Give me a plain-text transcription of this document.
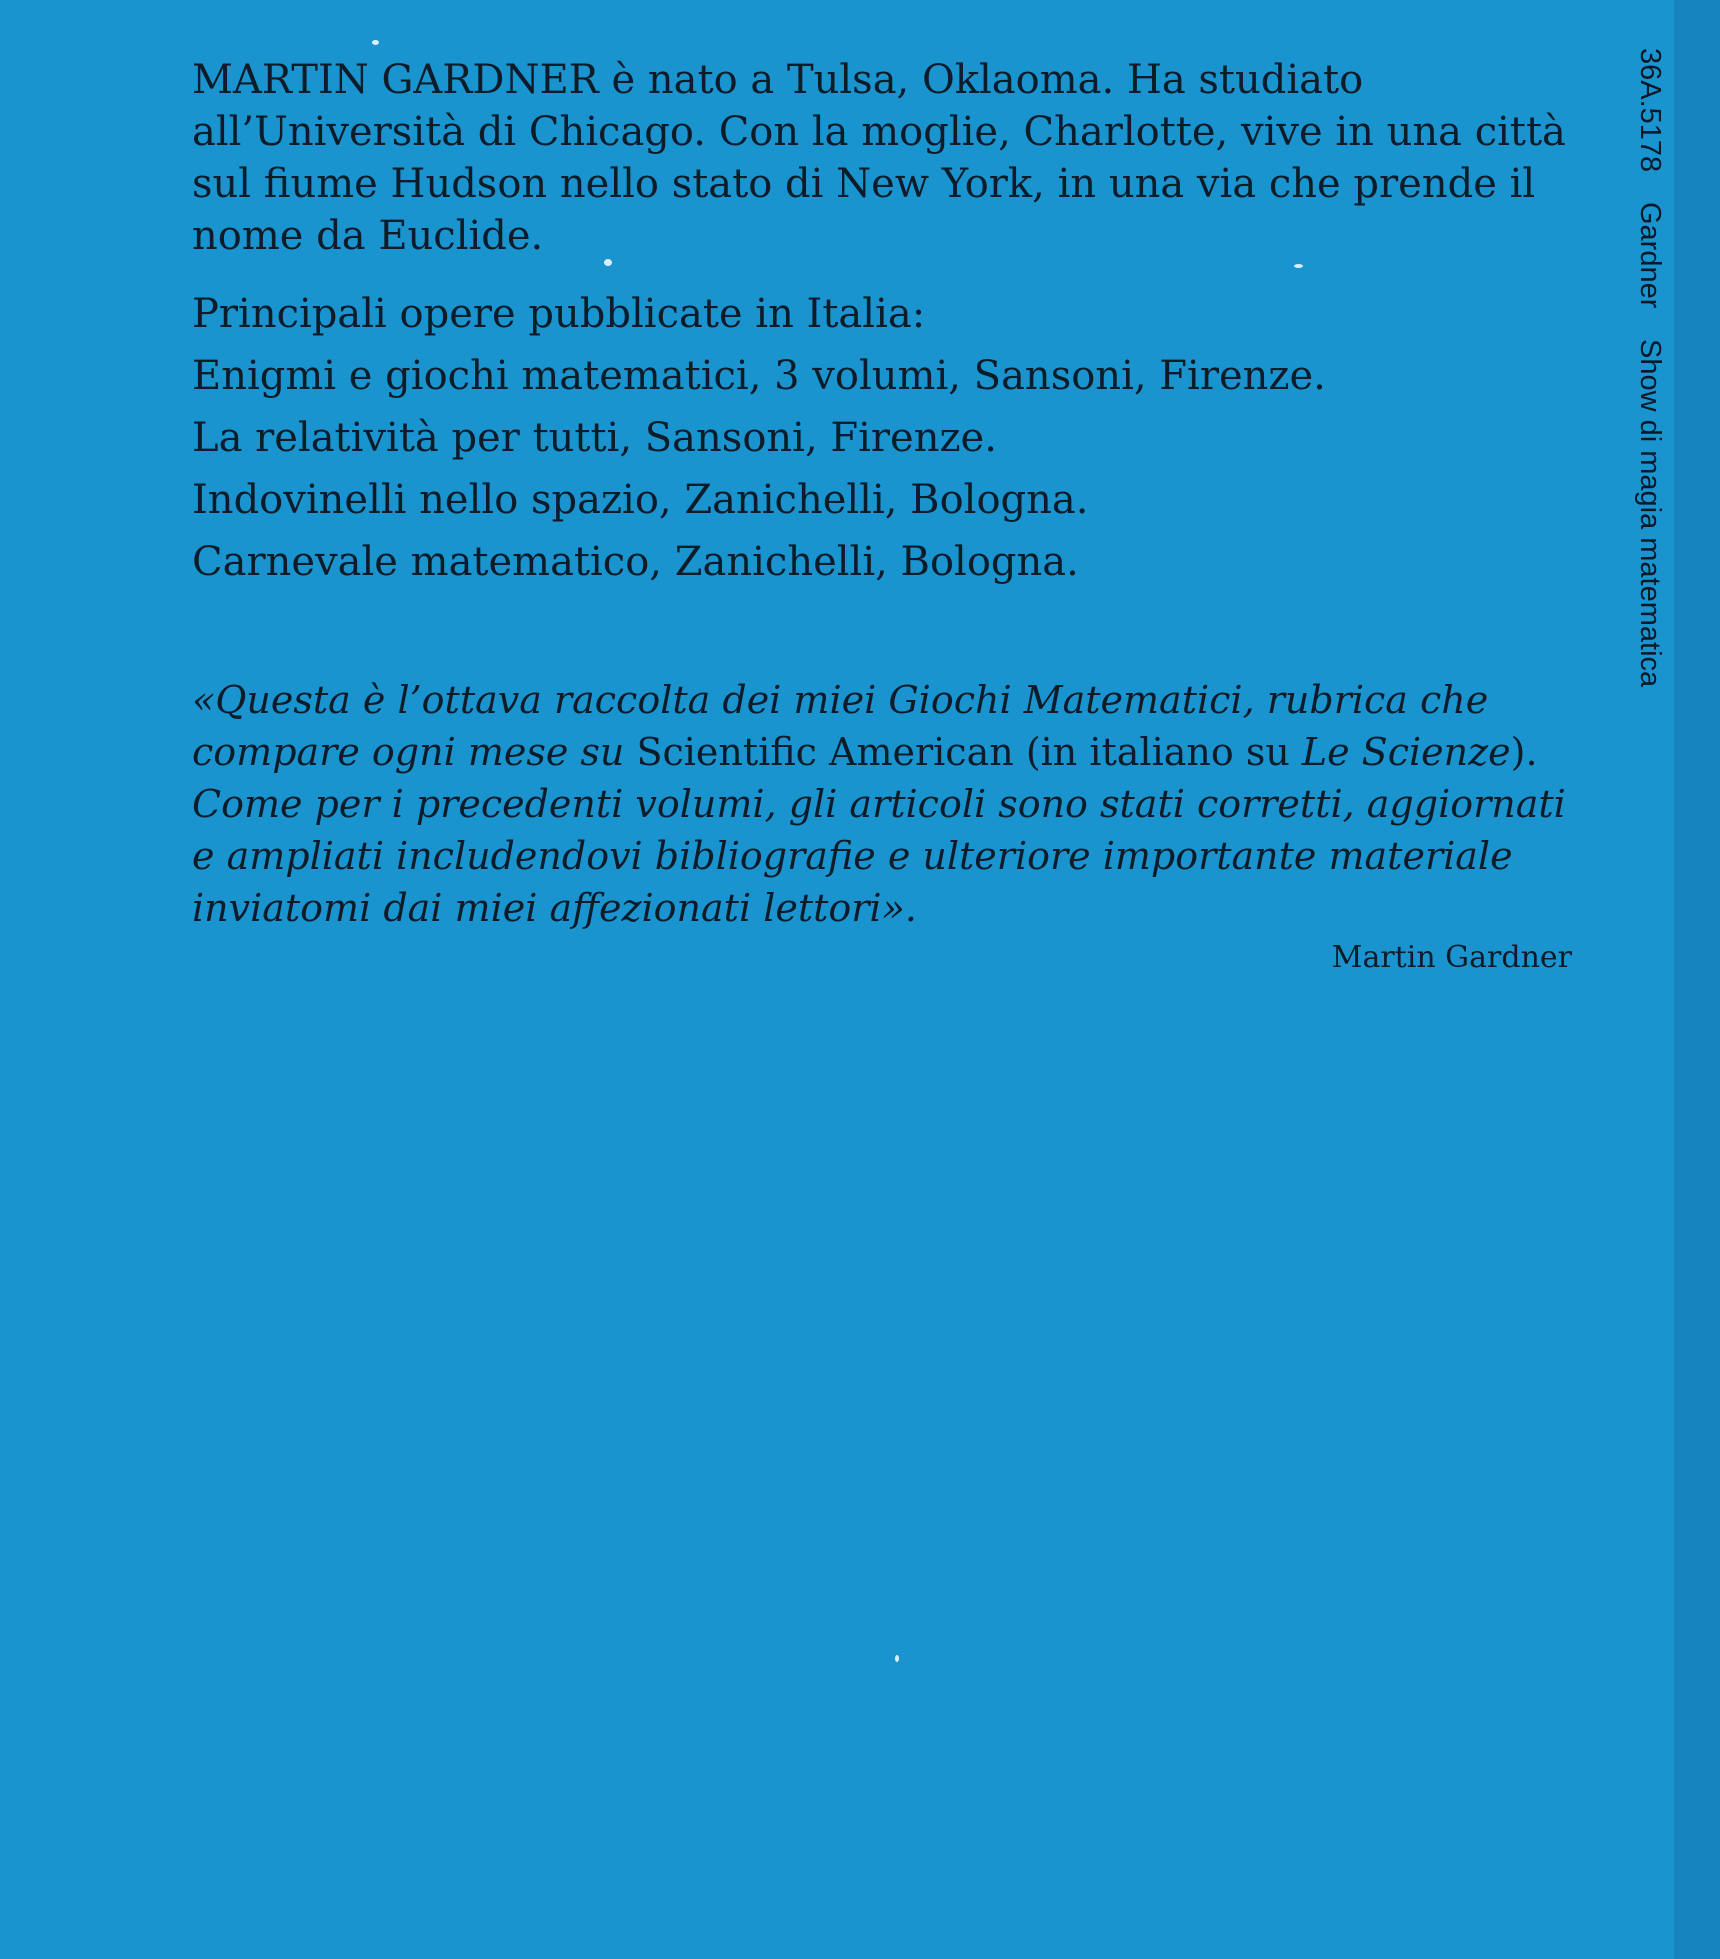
MARTIN GARDNER è nato a Tulsa, Oklaoma. Ha studiato all’Università di Chicago. Con la moglie, Charlotte, vive in una città sul fiume Hudson nello stato di New York, in una via che prende il nome da Euclide.

Principali opere pubblicate in Italia:

Enigmi e giochi matematici, 3 volumi, Sansoni, Firenze.
La relatività per tutti, Sansoni, Firenze.
Indovinelli nello spazio, Zanichelli, Bologna.
Carnevale matematico, Zanichelli, Bologna.
«Questa è l’ottava raccolta dei miei Giochi Matematici, rubrica che compare ogni mese su Scientific American (in italiano su Le Scienze). Come per i precedenti volumi, gli articoli sono stati corretti, aggiornati e ampliati includendovi bibliografie e ulteriore importante materiale inviatomi dai miei affezionati lettori».
Martin Gardner
36A.5178 Gardner Show di magia matematica
